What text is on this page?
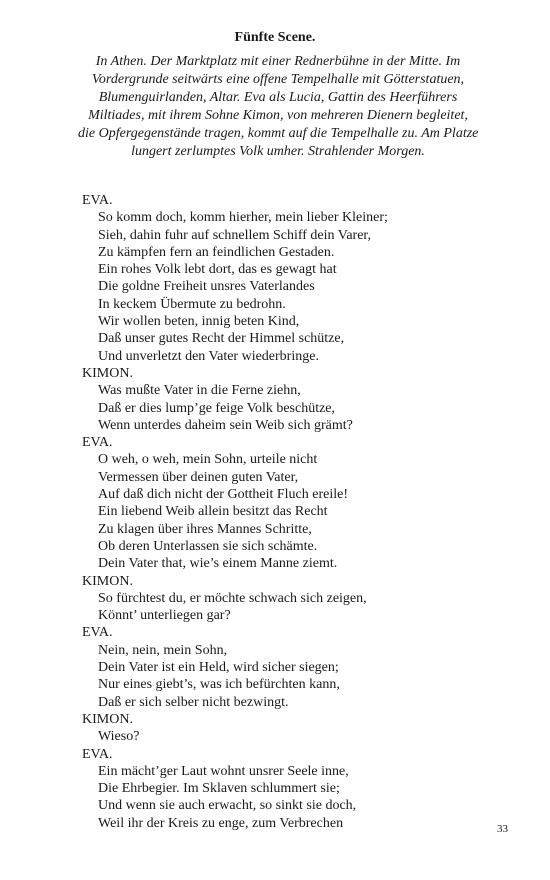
Fünfte Scene.
In Athen. Der Marktplatz mit einer Rednerbühne in der Mitte. Im
Vordergrunde seitwärts eine offene Tempelhalle mit Götterstatuen,
Blumenguirlanden, Altar. Eva als Lucia, Gattin des Heerführers
Miltiades, mit ihrem Sohne Kimon, von mehreren Dienern begleitet,
die Opfergegenstände tragen, kommt auf die Tempelhalle zu. Am Platze
lungert zerlumptes Volk umher. Strahlender Morgen.
EVA.
So komm doch, komm hierher, mein lieber Kleiner;
Sieh, dahin fuhr auf schnellem Schiff dein Varer,
Zu kämpfen fern an feindlichen Gestaden.
Ein rohes Volk lebt dort, das es gewagt hat
Die goldne Freiheit unsres Vaterlandes
In keckem Übermute zu bedrohn.
Wir wollen beten, innig beten Kind,
Daß unser gutes Recht der Himmel schütze,
Und unverletzt den Vater wiederbringe.
KIMON.
Was mußte Vater in die Ferne ziehn,
Daß er dies lump’ge feige Volk beschütze,
Wenn unterdes daheim sein Weib sich grämt?
EVA.
O weh, o weh, mein Sohn, urteile nicht
Vermessen über deinen guten Vater,
Auf daß dich nicht der Gottheit Fluch ereile!
Ein liebend Weib allein besitzt das Recht
Zu klagen über ihres Mannes Schritte,
Ob deren Unterlassen sie sich schämte.
Dein Vater that, wie’s einem Manne ziemt.
KIMON.
So fürchtest du, er möchte schwach sich zeigen,
Könnt’ unterliegen gar?
EVA.
Nein, nein, mein Sohn,
Dein Vater ist ein Held, wird sicher siegen;
Nur eines giebt’s, was ich befürchten kann,
Daß er sich selber nicht bezwingt.
KIMON.
Wieso?
EVA.
Ein mächt’ger Laut wohnt unsrer Seele inne,
Die Ehrbegier. Im Sklaven schlummert sie;
Und wenn sie auch erwacht, so sinkt sie doch,
Weil ihr der Kreis zu enge, zum Verbrechen	33
